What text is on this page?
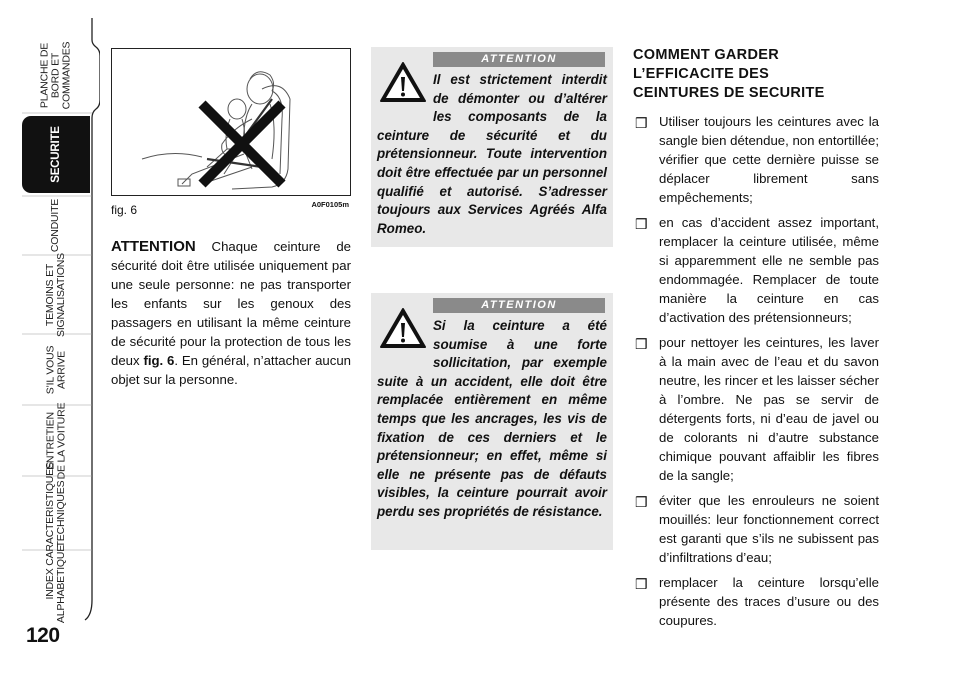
PLANCHE DE
BORD ET
COMMANDES
SECURITE
CONDUITE
TEMOINS ET
SIGNALISATIONS
S’IL VOUS
ARRIVE
ENTRETIEN
DE LA VOITURE
CARACTERISTIQUES
TECHNIQUES
INDEX
ALPHABETIQUE
120
fig. 6	A0F0105m
ATTENTION Chaque ceinture de sécurité doit être utilisée uniquement par une seule personne: ne pas transporter les enfants sur les genoux des passagers en utilisant la même ceinture de sécurité pour la protection de tous les deux fig. 6. En général, n’attacher aucun objet sur la personne.
ATTENTION
Il est strictement interdit de démonter ou d’altérer les composants de la ceinture de sécurité et du prétensionneur. Toute intervention doit être effectuée par un personnel qualifié et autorisé. S’adresser toujours aux Services Agréés Alfa Romeo.
ATTENTION
Si la ceinture a été soumise à une forte sollicitation, par exemple suite à un accident, elle doit être remplacée entièrement en même temps que les ancrages, les vis de fixation de ces derniers et le prétensionneur; en effet, même si elle ne présente pas de défauts visibles, la ceinture pourrait avoir perdu ses propriétés de résistance.
COMMENT GARDER
L’EFFICACITE DES
CEINTURES DE SECURITE
❒ Utiliser toujours les ceintures avec la sangle bien détendue, non entortillée; vérifier que cette dernière puisse se déplacer librement sans empêchements;
❒ en cas d’accident assez important, remplacer la ceinture utilisée, même si apparemment elle ne semble pas endommagée. Remplacer de toute manière la ceinture en cas d’activation des prétensionneurs;
❒ pour nettoyer les ceintures, les laver à la main avec de l’eau et du savon neutre, les rincer et les laisser sécher à l’ombre. Ne pas se servir de détergents forts, ni d’eau de javel ou de colorants ni d’autre substance chimique pouvant affaiblir les fibres de la sangle;
❒ éviter que les enrouleurs ne soient mouillés: leur fonctionnement correct est garanti que s’ils ne subissent pas d’infiltrations d’eau;
❒ remplacer la ceinture lorsqu’elle présente des traces d’usure ou des coupures.
